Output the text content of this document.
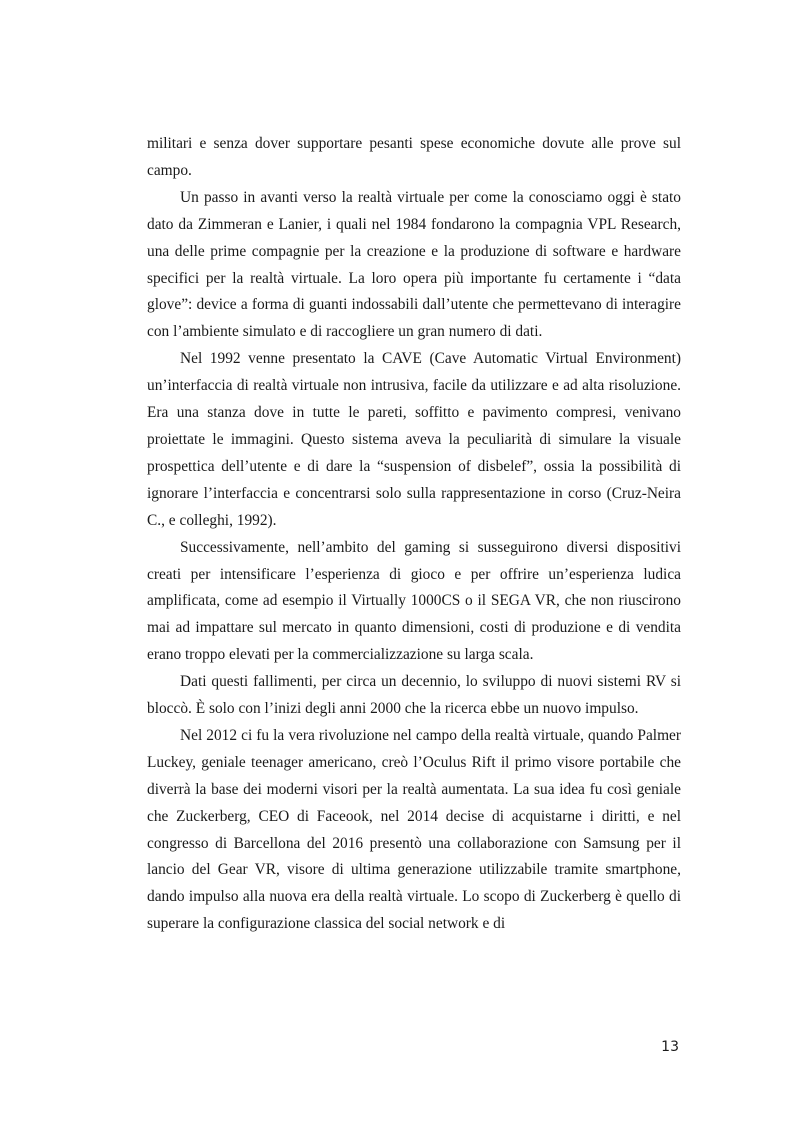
militari e senza dover supportare pesanti spese economiche dovute alle prove sul campo.

Un passo in avanti verso la realtà virtuale per come la conosciamo oggi è stato dato da Zimmeran e Lanier, i quali nel 1984 fondarono la compagnia VPL Research, una delle prime compagnie per la creazione e la produzione di software e hardware specifici per la realtà virtuale. La loro opera più importante fu certamente i “data glove”: device a forma di guanti indossabili dall’utente che permettevano di interagire con l’ambiente simulato e di raccogliere un gran numero di dati.

Nel 1992 venne presentato la CAVE (Cave Automatic Virtual Environment) un’interfaccia di realtà virtuale non intrusiva, facile da utilizzare e ad alta risoluzione. Era una stanza dove in tutte le pareti, soffitto e pavimento compresi, venivano proiettate le immagini. Questo sistema aveva la peculiarità di simulare la visuale prospettica dell’utente e di dare la “suspension of disbelef”, ossia la possibilità di ignorare l’interfaccia e concentrarsi solo sulla rappresentazione in corso (Cruz-Neira C., e colleghi, 1992).

Successivamente, nell’ambito del gaming si susseguirono diversi dispositivi creati per intensificare l’esperienza di gioco e per offrire un’esperienza ludica amplificata, come ad esempio il Virtually 1000CS o il SEGA VR, che non riuscirono mai ad impattare sul mercato in quanto dimensioni, costi di produzione e di vendita erano troppo elevati per la commercializzazione su larga scala.

Dati questi fallimenti, per circa un decennio, lo sviluppo di nuovi sistemi RV si bloccò. È solo con l’inizi degli anni 2000 che la ricerca ebbe un nuovo impulso.

Nel 2012 ci fu la vera rivoluzione nel campo della realtà virtuale, quando Palmer Luckey, geniale teenager americano, creò l’Oculus Rift il primo visore portabile che diverrà la base dei moderni visori per la realtà aumentata. La sua idea fu così geniale che Zuckerberg, CEO di Faceook, nel 2014 decise di acquistarne i diritti, e nel congresso di Barcellona del 2016 presentò una collaborazione con Samsung per il lancio del Gear VR, visore di ultima generazione utilizzabile tramite smartphone, dando impulso alla nuova era della realtà virtuale. Lo scopo di Zuckerberg è quello di superare la configurazione classica del social network e di

13
